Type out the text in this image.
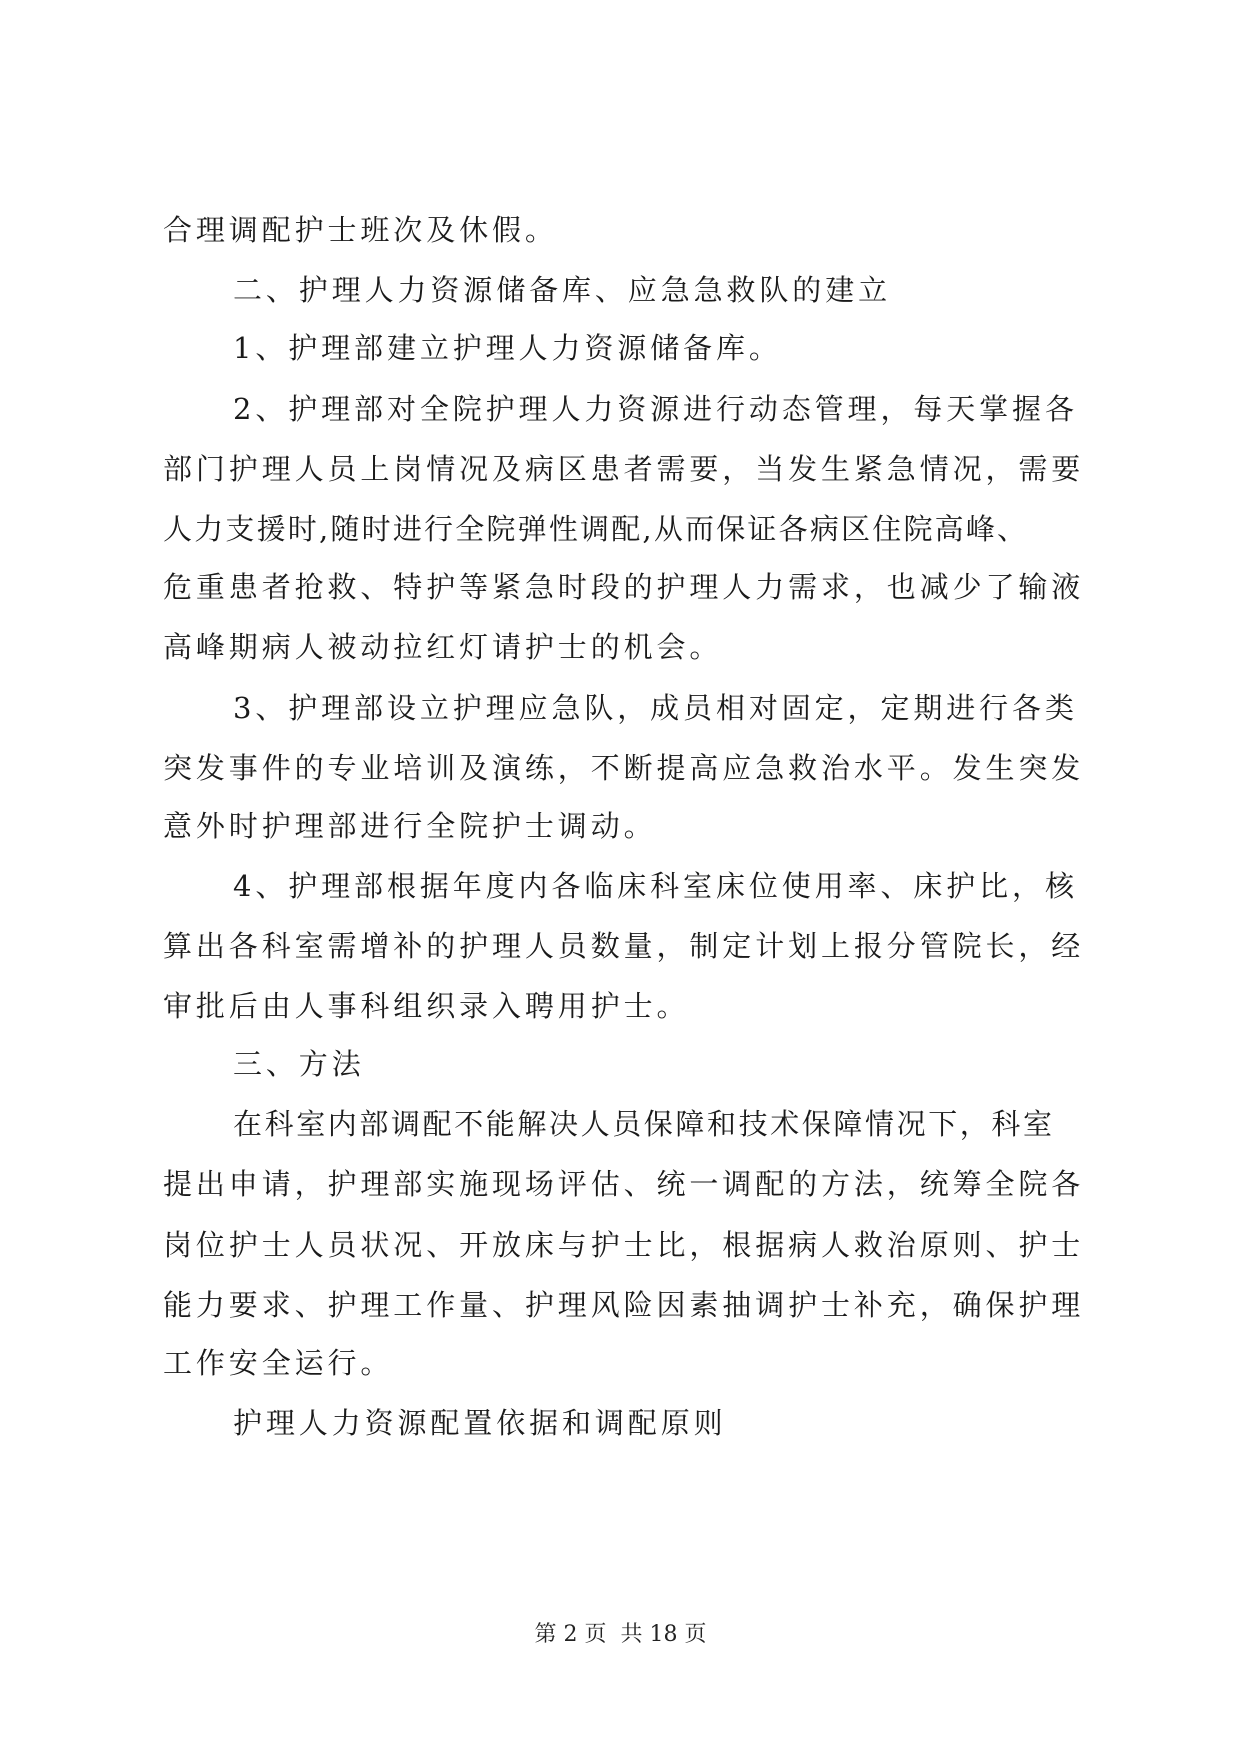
合理调配护士班次及休假。
二、护理人力资源储备库、应急急救队的建立
1、护理部建立护理人力资源储备库。
2、护理部对全院护理人力资源进行动态管理，每天掌握各
部门护理人员上岗情况及病区患者需要，当发生紧急情况，需要
人力支援时,随时进行全院弹性调配,从而保证各病区住院高峰、
危重患者抢救、特护等紧急时段的护理人力需求，也减少了输液
高峰期病人被动拉红灯请护士的机会。
3、护理部设立护理应急队，成员相对固定，定期进行各类
突发事件的专业培训及演练，不断提高应急救治水平。发生突发
意外时护理部进行全院护士调动。
4、护理部根据年度内各临床科室床位使用率、床护比，核
算出各科室需增补的护理人员数量，制定计划上报分管院长，经
审批后由人事科组织录入聘用护士。
三、方法
在科室内部调配不能解决人员保障和技术保障情况下，科室
提出申请，护理部实施现场评估、统一调配的方法，统筹全院各
岗位护士人员状况、开放床与护士比，根据病人救治原则、护士
能力要求、护理工作量、护理风险因素抽调护士补充，确保护理
工作安全运行。
护理人力资源配置依据和调配原则
第 2 页  共 18 页
